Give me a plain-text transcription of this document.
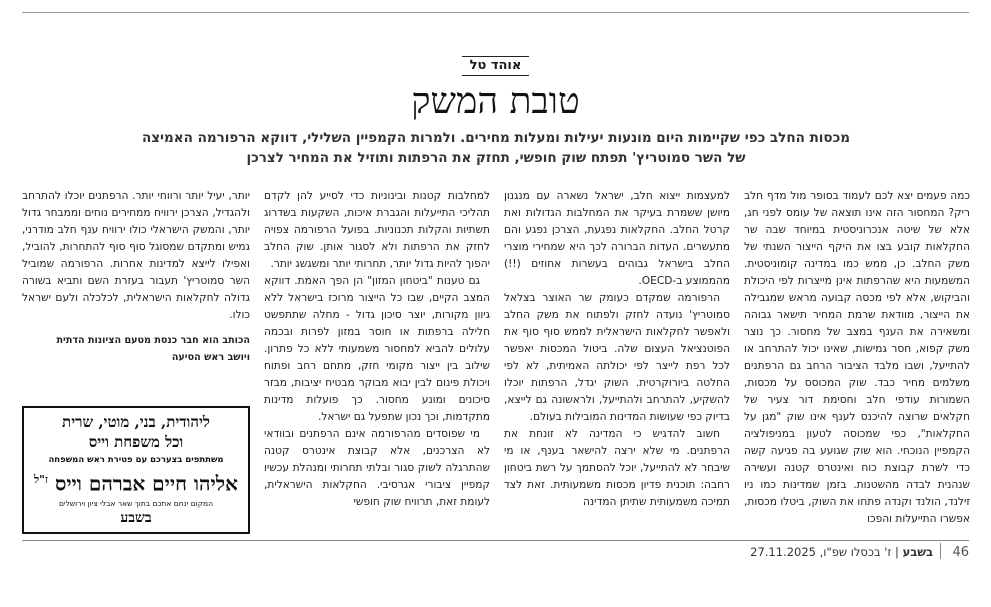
אוהד טל
טובת המשק
מכסות החלב כפי שקיימות היום מונעות יעילות ומעלות מחירים. ולמרות הקמפיין השלילי, דווקא הרפורמה האמיצה של השר סמוטריץ' תפתח שוק חופשי, תחזק את הרפתות ותוזיל את המחיר לצרכן

כמה פעמים יצא לכם לעמוד בסופר מול מדף חלב ריק? המחסור הזה אינו תוצאה של עומס לפני חג, אלא של שיטה אנכרוניסטית במיוחד שבה שר החקלאות קובע בצו את היקף הייצור השנתי של משק החלב. כן, ממש כמו במדינה קומוניסטית. המשמעות היא שהרפתות אינן מייצרות לפי היכולת והביקוש, אלא לפי מכסה קבועה מראש שמגבילה את הייצור, מוודאת שרמת המחיר תישאר גבוהה ומשאירה את הענף במצב של מחסור. כך נוצר משק קפוא, חסר גמישות, שאינו יכול להתרחב או להתייעל, ושבו מלבד הציבור הרחב גם הרפתנים משלמים מחיר כבד. שוק המכוסס על מכסות, השמורות עודפי חלב וחסימת דור צעיר של חקלאים שרוצה להיכנס לענף אינו שוק "מגן על החקלאות", כפי שמכוסה לטעון במניפולציה הקמפיין הנוכחי. הוא שוק שגועע בה פגיעה קשה כדי לשרת קבוצת כוח ואינטרס קטנה ועשירה שנהנית לבדה מהשטנות. בזמן שמדינות כמו ניו זילנד, הולנד וקנדה פתחו את השוק, ביטלו מכסות, אפשרו התייעלות והפכו

למעצמות ייצוא חלב, ישראל נשארה עם מנגנון מיושן ששמרת בעיקר את המחלבות הגדולות ואת קרטל החלב. החקלאות נפגעת, הצרכן נפגע והם מתעשרים. העדות הברורה לכך היא שמחירי מוצרי החלב בישראל גבוהים בעשרות אחוזים (!!) מהממוצע ב-OECD.

הרפורמה שמקדם כעומק שר האוצר בצלאל סמוטריץ' נועדה לחזק ולפתוח את משק החלב ולאפשר לחקלאות הישראלית לממש סוף סוף את הפוטנציאל העצום שלה. ביטול המכסות יאפשר לכל רפת לייצר לפי יכולתה האמיתית, לא לפי החלטה ביורוקרטית. השוק יגדל, הרפתות יוכלו להשקיע, להתרחב ולהתייעל, ולראשונה גם לייצא, בדיוק כפי שעושות המדינות המובילות בעולם.

חשוב להדגיש כי המדינה לא זונחת את הרפתנים. מי שלא ירצה להישאר בענף, או מי שיבחר לא להתייעל, יוכל להסתמך על רשת ביטחון רחבה: תוכנית פדיון מכסות משמעותית. זאת לצד תמיכה משמעותית שתיתן המדינה

למחלבות קטנות ובינוניות כדי לסייע להן לקדם תהליכי התייעלות והגברת איכות, השקעות בשדרוג תשתיות והקלות תכנוניות. בפועל הרפורמה צפויה לחזק את הרפתות ולא לסגור אותן. שוק החלב יהפוך להיות גדול יותר, תחרותי יותר ומשגשג יותר.

גם טענות "ביטחון המזון" הן הפך האמת. דווקא המצב הקיים, שבו כל הייצור מרוכז בישראל ללא גיוון מקורות, יוצר סיכון גדול - מחלה שתתפשט חלילה ברפתות או חוסר במזון לפרות ובכמה עלולים להביא למחסור משמעותי ללא כל פתרון. שילוב בין ייצור מקומי חזק, מתחם רחב ופתוח ויכולת פינום לבין יבוא מבוקר מבטיח יציבות, מבזר סיכונים ומונע מחסור. כך פועלות מדינות מתקדמות, וכך נכון שתפעל גם ישראל.

מי שפוסדים מהרפורמה אינם הרפתנים ובוודאי לא הצרכנים, אלא קבוצת אינטרס קטנה שהתרגלה לשוק סגור ובלתי תחרותי ומנהלת עכשיו קמפיין ציבורי אגרסיבי. החקלאות הישראלית, לעומת זאת, תרוויח שוק חופשי

יותר, יעיל יותר ורווחי יותר. הרפתנים יוכלו להתרחב ולהגדיל, הצרכן ירוויח ממחירים נוחים וממבחר גדול יותר, והמשק הישראלי כולו ירוויח ענף חלב מודרני, גמיש ומתקדם שמסוגל סוף סוף להתחרות, להוביל, ואפילו לייצא למדינות אחרות. הרפורמה שמוביל השר סמוטריץ' תעבור בעזרת השם ותביא בשורה גדולה לחקלאות הישראלית, לכלכלה ולעם ישראל כולו.

הכותב הוא חבר כנסת מטעם הציונות הדתית
ויושב ראש הסיעה
ליהודית, בני, מוטי, שרית
וכל משפחת וייס
משתתפים בצערכם עם פטירת ראש המשפחה
אליהו חיים אברהם וייס $^{ז"ל}$
המקום ינחם אתכם בתוך שאר אבלי ציון וירושלים
בשבע
46
בשבע | ז' בכסלו שפ"ו, 27.11.2025
